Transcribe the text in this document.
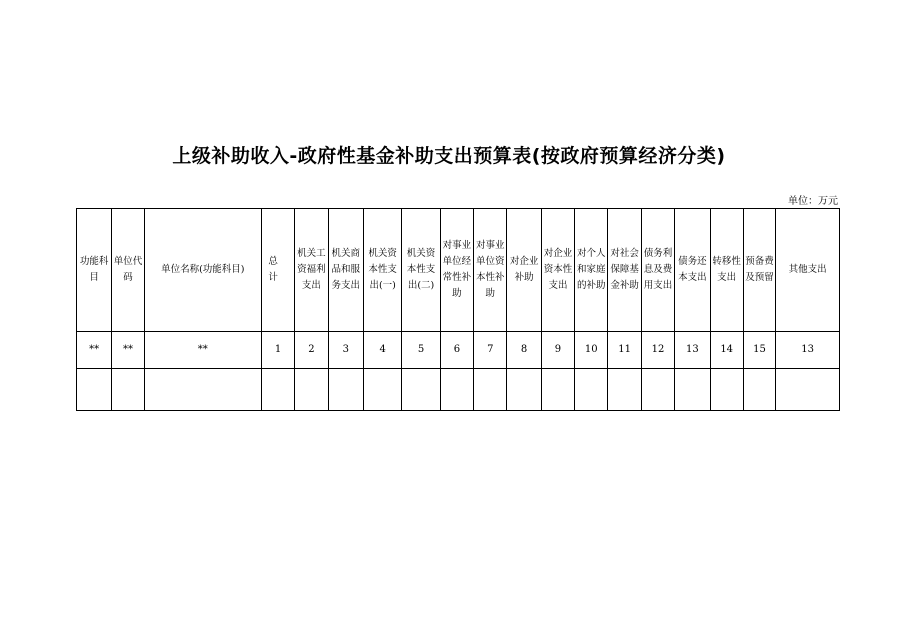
上级补助收入-政府性基金补助支出预算表(按政府预算经济分类)
单位：万元
功能科目	单位代码	单位名称(功能科目)	总计	机关工资福利支出	机关商品和服务支出	机关资本性支出(一)	机关资本性支出(二)	对事业单位经常性补助	对事业单位资本性补助	对企业补助	对企业资本性支出	对个人和家庭的补助	对社会保障基金补助	债务利息及费用支出	债务还本支出	转移性支出	预备费及预留	其他支出
**	**	**	1	2	3	4	5	6	7	8	9	10	11	12	13	14	15	13
